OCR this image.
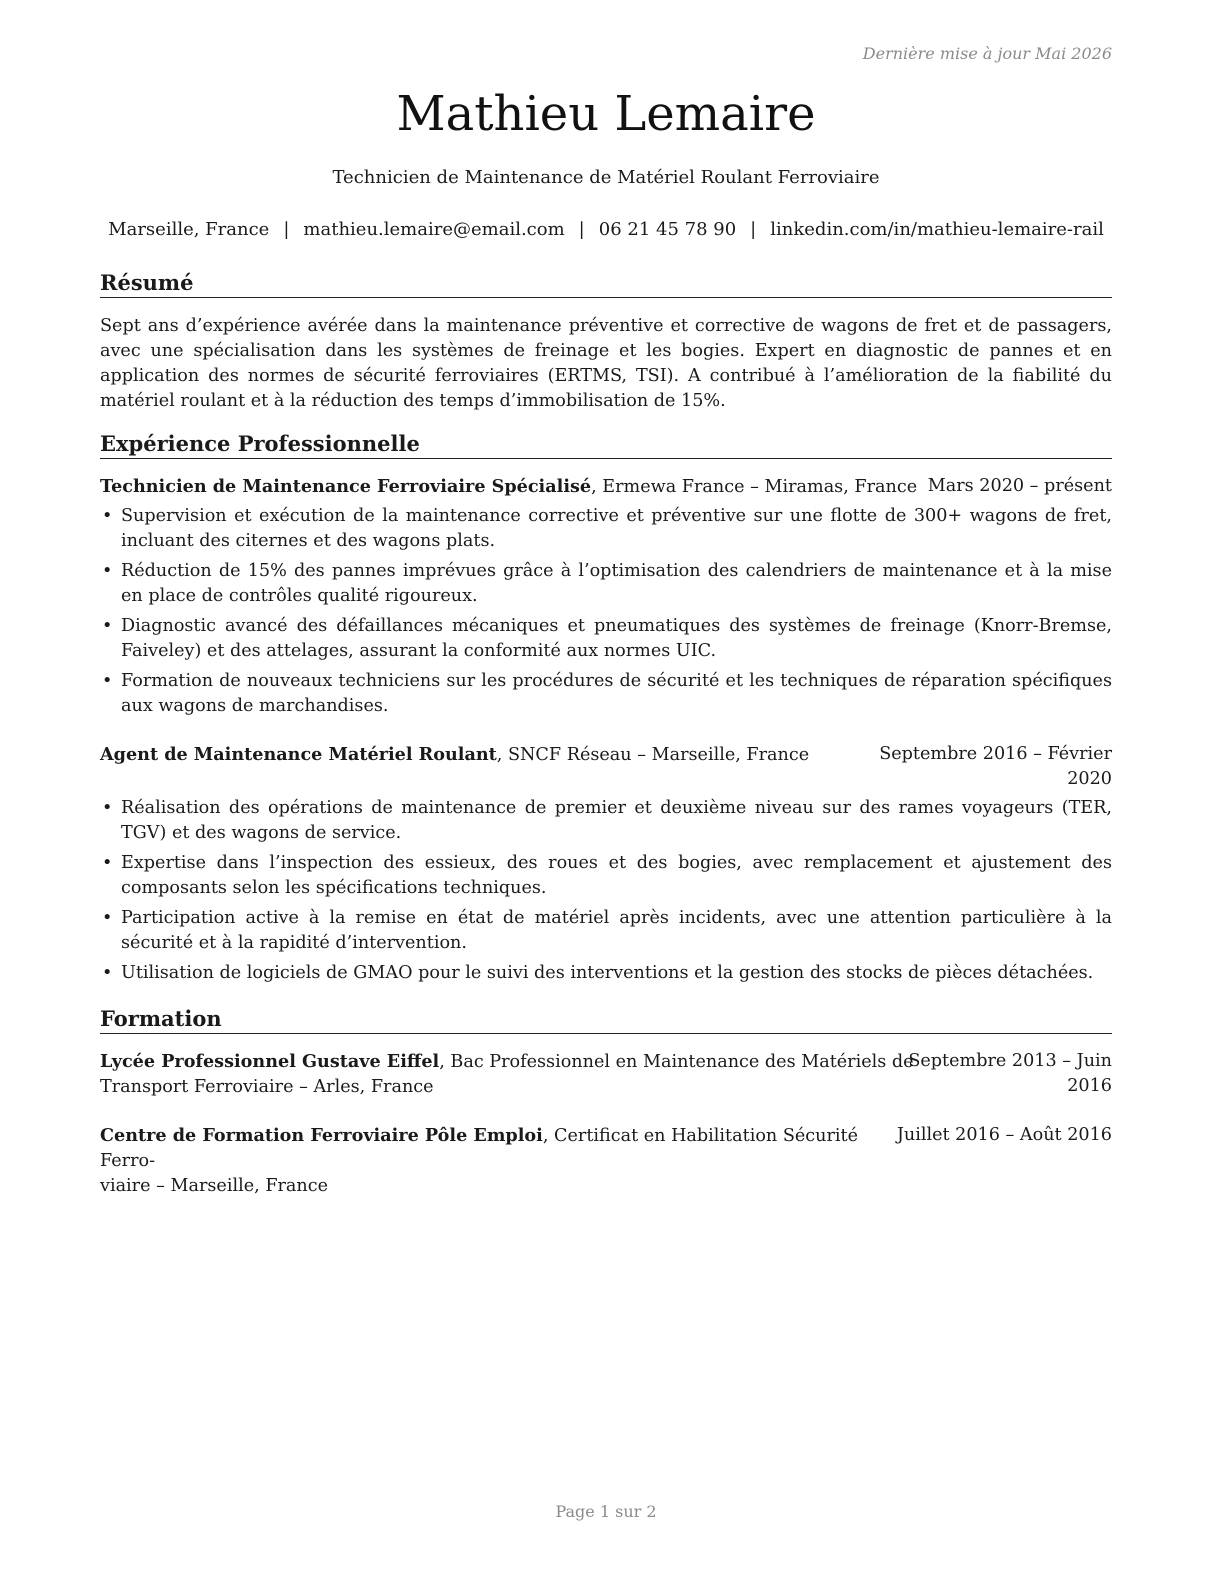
Dernière mise à jour Mai 2026
Mathieu Lemaire
Technicien de Maintenance de Matériel Roulant Ferroviaire
Marseille, France | mathieu.lemaire@email.com | 06 21 45 78 90 | linkedin.com/in/mathieu-lemaire-rail
Résumé

Sept ans d’expérience avérée dans la maintenance préventive et corrective de wagons de fret et de passagers, avec une spécialisation dans les systèmes de freinage et les bogies. Expert en diagnostic de pannes et en application des normes de sécurité ferroviaires (ERTMS, TSI). A contribué à l’amélioration de la fiabilité du matériel roulant et à la réduction des temps d’immobilisation de 15%.

Expérience Professionnelle
Technicien de Maintenance Ferroviaire Spécialisé, Ermewa France – Miramas, France Mars 2020 – présent
• Supervision et exécution de la maintenance corrective et préventive sur une flotte de 300+ wagons de fret, incluant des citernes et des wagons plats.
• Réduction de 15% des pannes imprévues grâce à l’optimisation des calendriers de maintenance et à la mise en place de contrôles qualité rigoureux.
• Diagnostic avancé des défaillances mécaniques et pneumatiques des systèmes de freinage (Knorr-Bremse, Faiveley) et des attelages, assurant la conformité aux normes UIC.
• Formation de nouveaux techniciens sur les procédures de sécurité et les techniques de réparation spécifiques aux wagons de marchandises.
Agent de Maintenance Matériel Roulant, SNCF Réseau – Marseille, France	Septembre 2016 – Février
2020
• Réalisation des opérations de maintenance de premier et deuxième niveau sur des rames voyageurs (TER, TGV) et des wagons de service.
• Expertise dans l’inspection des essieux, des roues et des bogies, avec remplacement et ajustement des composants selon les spécifications techniques.
• Participation active à la remise en état de matériel après incidents, avec une attention particulière à la sécurité et à la rapidité d’intervention.
• Utilisation de logiciels de GMAO pour le suivi des interventions et la gestion des stocks de pièces détachées.
Formation
Lycée Professionnel Gustave Eiffel, Bac Professionnel en Maintenance des Matériels de
Transport Ferroviaire – Arles, France
Septembre 2013 – Juin
2016
Centre de Formation Ferroviaire Pôle Emploi, Certificat en Habilitation Sécurité Ferro-
viaire – Marseille, France
Juillet 2016 – Août 2016
Page 1 sur 2
